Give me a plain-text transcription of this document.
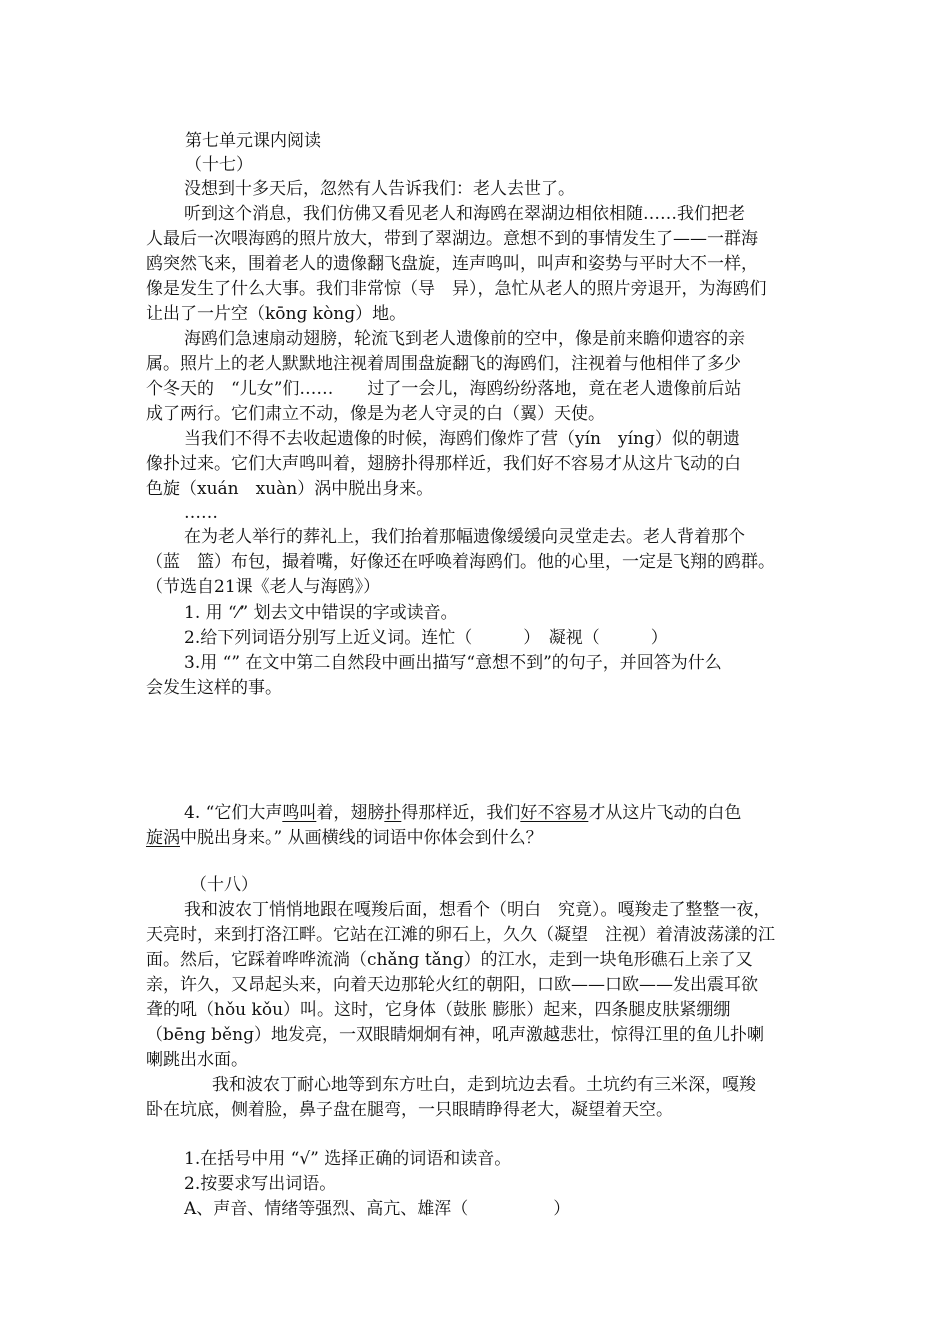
第七单元课内阅读
（十七）
没想到十多天后，忽然有人告诉我们：老人去世了。
听到这个消息，我们仿佛又看见老人和海鸥在翠湖边相依相随……我们把老
人最后一次喂海鸥的照片放大，带到了翠湖边。意想不到的事情发生了——一群海
鸥突然飞来，围着老人的遗像翻飞盘旋，连声鸣叫，叫声和姿势与平时大不一样，
像是发生了什么大事。我们非常惊（导　异），急忙从老人的照片旁退开，为海鸥们
让出了一片空（kōnɡ kònɡ）地。
海鸥们急速扇动翅膀，轮流飞到老人遗像前的空中，像是前来瞻仰遗容的亲
属。照片上的老人默默地注视着周围盘旋翻飞的海鸥们，注视着与他相伴了多少
个冬天的　“儿女”们……　　过了一会儿，海鸥纷纷落地，竟在老人遗像前后站
成了两行。它们肃立不动，像是为老人守灵的白（翼）天使。
当我们不得不去收起遗像的时候，海鸥们像炸了营（yín　yínɡ）似的朝遗
像扑过来。它们大声鸣叫着，翅膀扑得那样近，我们好不容易才从这片飞动的白
色旋（xuán　xuàn）涡中脱出身来。
……
在为老人举行的葬礼上，我们抬着那幅遗像缓缓向灵堂走去。老人背着那个
（蓝　篮）布包，撮着嘴，好像还在呼唤着海鸥们。他的心里，一定是飞翔的鸥群。
（节选自21课《老人与海鸥》）
1. 用 “⁄” 划去文中错误的字或读音。
2.给下列词语分别写上近义词。连忙（　　　）　凝视（　　　）
3.用 “” 在文中第二自然段中画出描写“意想不到”的句子，并回答为什么
会发生这样的事。
4. “它们大声鸣叫着，翅膀扑得那样近，我们好不容易才从这片飞动的白色
旋涡中脱出身来。” 从画横线的词语中你体会到什么？
（十八）
我和波农丁悄悄地跟在嘎羧后面，想看个（明白　究竟）。嘎羧走了整整一夜，
天亮时，来到打洛江畔。它站在江滩的卵石上，久久（凝望　注视）着清波荡漾的江
面。然后，它踩着哗哗流淌（chǎnɡ tǎnɡ）的江水，走到一块龟形礁石上亲了又
亲，许久，又昂起头来，向着天边那轮火红的朝阳，口欧——口欧——发出震耳欲
聋的吼（hǒu kǒu）叫。这时，它身体（鼓胀 膨胀）起来，四条腿皮肤紧绷绷
（bēnɡ běnɡ）地发亮，一双眼睛炯炯有神，吼声激越悲壮，惊得江里的鱼儿扑喇
喇跳出水面。
我和波农丁耐心地等到东方吐白，走到坑边去看。土坑约有三米深，嘎羧
卧在坑底，侧着脸，鼻子盘在腿弯，一只眼睛睁得老大，凝望着天空。
1.在括号中用 “√” 选择正确的词语和读音。
2.按要求写出词语。
A、声音、情绪等强烈、高亢、雄浑（　　　　　）
